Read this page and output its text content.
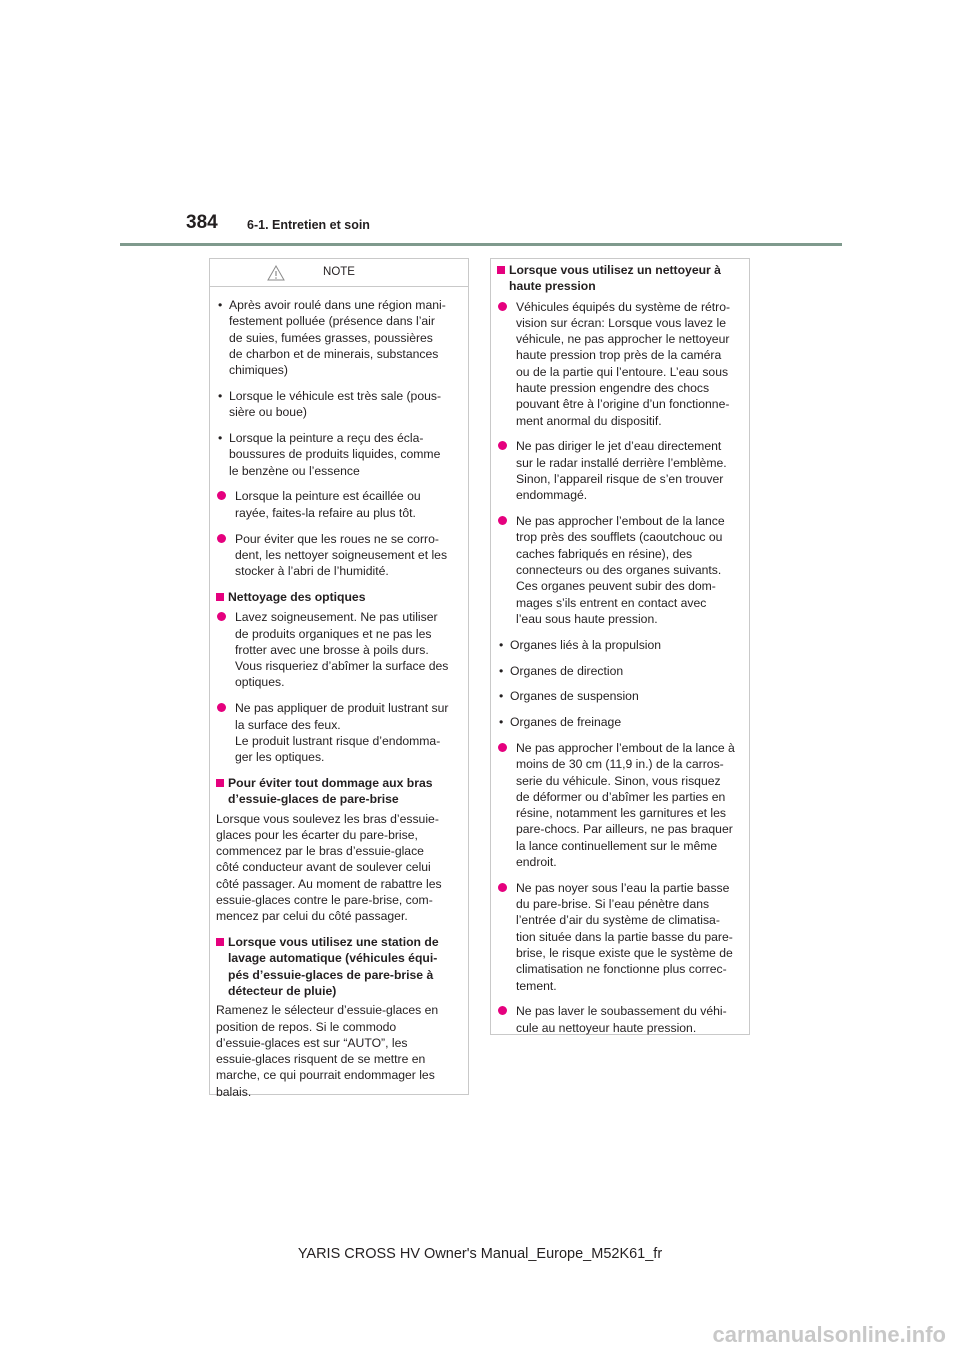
384 6-1. Entretien et soin
NOTE
• Après avoir roulé dans une région mani-
festement polluée (présence dans l’air
de suies, fumées grasses, poussières
de charbon et de minerais, substances
chimiques)
• Lorsque le véhicule est très sale (pous-
sière ou boue)
• Lorsque la peinture a reçu des écla-
boussures de produits liquides, comme
le benzène ou l’essence
Lorsque la peinture est écaillée ou
rayée, faites-la refaire au plus tôt.
Pour éviter que les roues ne se corro-
dent, les nettoyer soigneusement et les
stocker à l’abri de l’humidité.
Nettoyage des optiques
Lavez soigneusement. Ne pas utiliser
de produits organiques et ne pas les
frotter avec une brosse à poils durs.
Vous risqueriez d’abîmer la surface des
optiques.
Ne pas appliquer de produit lustrant sur
la surface des feux.
Le produit lustrant risque d’endomma-
ger les optiques.
Pour éviter tout dommage aux bras
d’essuie-glaces de pare-brise
Lorsque vous soulevez les bras d’essuie-
glaces pour les écarter du pare-brise,
commencez par le bras d’essuie-glace
côté conducteur avant de soulever celui
côté passager. Au moment de rabattre les
essuie-glaces contre le pare-brise, com-
mencez par celui du côté passager.
Lorsque vous utilisez une station de
lavage automatique (véhicules équi-
pés d’essuie-glaces de pare-brise à
détecteur de pluie)
Ramenez le sélecteur d’essuie-glaces en
position de repos. Si le commodo
d’essuie-glaces est sur “AUTO”, les
essuie-glaces risquent de se mettre en
marche, ce qui pourrait endommager les
balais.
Lorsque vous utilisez un nettoyeur à
haute pression
Véhicules équipés du système de rétro-
vision sur écran: Lorsque vous lavez le
véhicule, ne pas approcher le nettoyeur
haute pression trop près de la caméra
ou de la partie qui l’entoure. L’eau sous
haute pression engendre des chocs
pouvant être à l’origine d’un fonctionne-
ment anormal du dispositif.
Ne pas diriger le jet d’eau directement
sur le radar installé derrière l’emblème.
Sinon, l’appareil risque de s’en trouver
endommagé.
Ne pas approcher l’embout de la lance
trop près des soufflets (caoutchouc ou
caches fabriqués en résine), des
connecteurs ou des organes suivants.
Ces organes peuvent subir des dom-
mages s’ils entrent en contact avec
l’eau sous haute pression.
• Organes liés à la propulsion
• Organes de direction
• Organes de suspension
• Organes de freinage
Ne pas approcher l’embout de la lance à
moins de 30 cm (11,9 in.) de la carros-
serie du véhicule. Sinon, vous risquez
de déformer ou d’abîmer les parties en
résine, notamment les garnitures et les
pare-chocs. Par ailleurs, ne pas braquer
la lance continuellement sur le même
endroit.
Ne pas noyer sous l’eau la partie basse
du pare-brise. Si l’eau pénètre dans
l’entrée d’air du système de climatisa-
tion située dans la partie basse du pare-
brise, le risque existe que le système de
climatisation ne fonctionne plus correc-
tement.
Ne pas laver le soubassement du véhi-
cule au nettoyeur haute pression.
YARIS CROSS HV Owner's Manual_Europe_M52K61_fr
carmanualsonline.info
